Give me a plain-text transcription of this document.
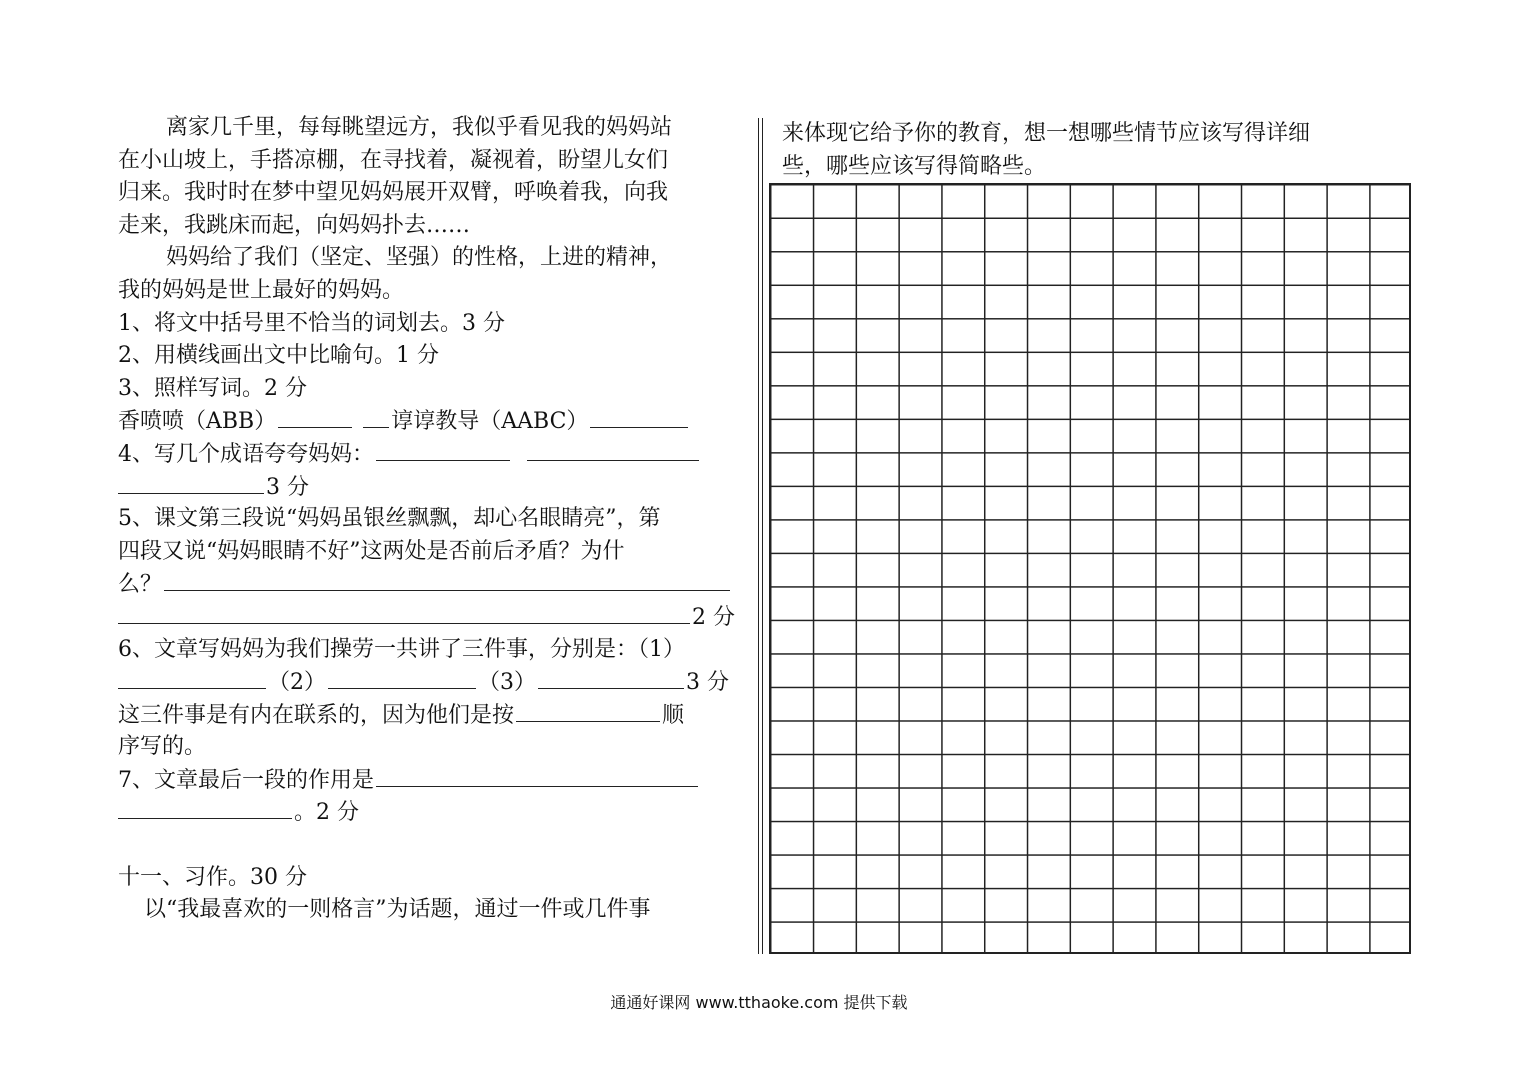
离家几千里，每每眺望远方，我似乎看见我的妈妈站
在小山坡上，手搭凉棚，在寻找着，凝视着，盼望儿女们
归来。我时时在梦中望见妈妈展开双臂，呼唤着我，向我
走来，我跳床而起，向妈妈扑去……
妈妈给了我们（坚定、坚强）的性格，上进的精神，
我的妈妈是世上最好的妈妈。
1、将文中括号里不恰当的词划去。3 分
2、用横线画出文中比喻句。1 分
3、照样写词。2 分
香喷喷（ABB）	谆谆教导（AABC）
4、写几个成语夸夸妈妈：
3 分
5、课文第三段说“妈妈虽银丝飘飘，却心名眼睛亮”，第
四段又说“妈妈眼睛不好”这两处是否前后矛盾？为什
么？
2 分
6、文章写妈妈为我们操劳一共讲了三件事，分别是：（1）
（2）	（3）	3 分
这三件事是有内在联系的，因为他们是按	顺
序写的。
7、文章最后一段的作用是
。2 分
十一、习作。30 分
以“我最喜欢的一则格言”为话题，通过一件或几件事
来体现它给予你的教育，想一想哪些情节应该写得详细
些，哪些应该写得简略些。
通通好课网 www.tthaoke.com 提供下载
